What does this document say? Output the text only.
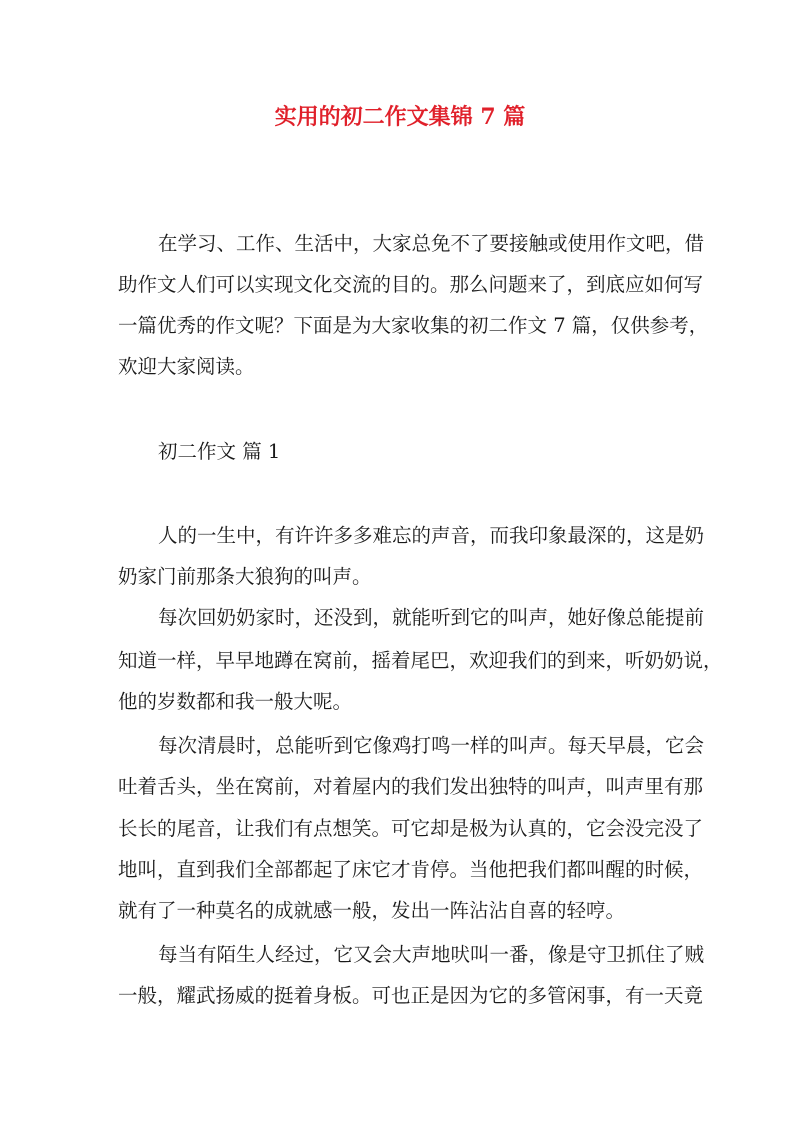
实用的初二作文集锦 7 篇
在学习、工作、生活中，大家总免不了要接触或使用作文吧，借
助作文人们可以实现文化交流的目的。那么问题来了，到底应如何写
一篇优秀的作文呢？下面是为大家收集的初二作文 7 篇，仅供参考，
欢迎大家阅读。
初二作文 篇 1
人的一生中，有许许多多难忘的声音，而我印象最深的，这是奶
奶家门前那条大狼狗的叫声。
每次回奶奶家时，还没到，就能听到它的叫声，她好像总能提前
知道一样，早早地蹲在窝前，摇着尾巴，欢迎我们的到来，听奶奶说，
他的岁数都和我一般大呢。
每次清晨时，总能听到它像鸡打鸣一样的叫声。每天早晨，它会
吐着舌头，坐在窝前，对着屋内的我们发出独特的叫声，叫声里有那
长长的尾音，让我们有点想笑。可它却是极为认真的，它会没完没了
地叫，直到我们全部都起了床它才肯停。当他把我们都叫醒的时候，
就有了一种莫名的成就感一般，发出一阵沾沾自喜的轻哼。
每当有陌生人经过，它又会大声地吠叫一番，像是守卫抓住了贼
一般，耀武扬威的挺着身板。可也正是因为它的多管闲事，有一天竟
